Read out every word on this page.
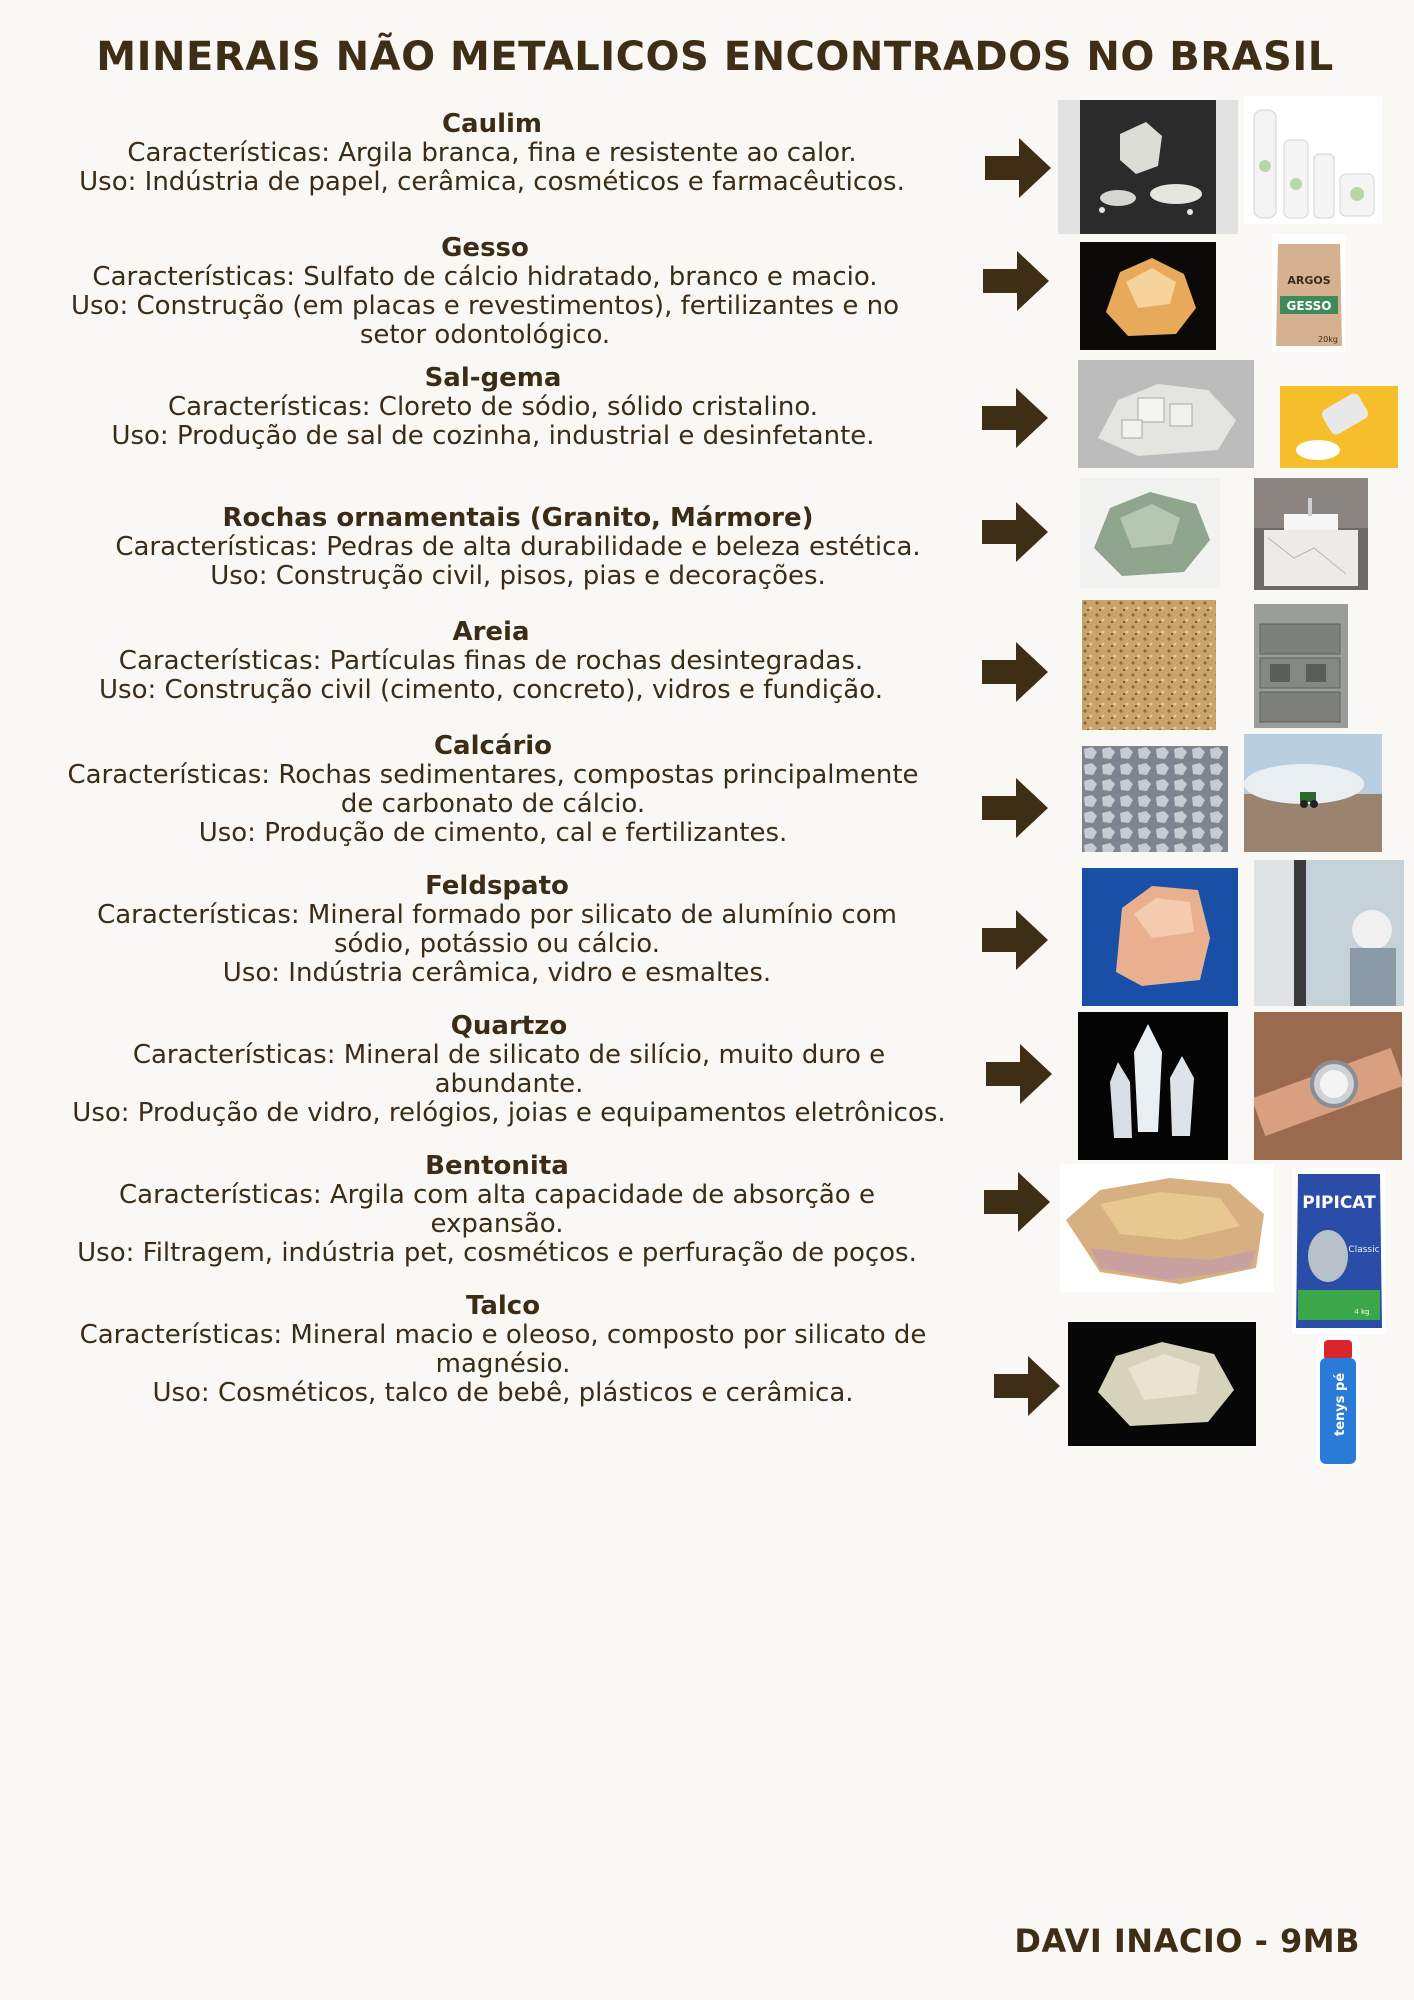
MINERAIS NÃO METALICOS ENCONTRADOS NO BRASIL
Caulim
Características: Argila branca, fina e resistente ao calor.
Uso: Indústria de papel, cerâmica, cosméticos e farmacêuticos.
Gesso
Características: Sulfato de cálcio hidratado, branco e macio.
Uso: Construção (em placas e revestimentos), fertilizantes e no
setor odontológico.
ARGOS
GESSO
20kg
Sal-gema
Características: Cloreto de sódio, sólido cristalino.
Uso: Produção de sal de cozinha, industrial e desinfetante.
Rochas ornamentais (Granito, Mármore)
Características: Pedras de alta durabilidade e beleza estética.
Uso: Construção civil, pisos, pias e decorações.
Areia
Características: Partículas finas de rochas desintegradas.
Uso: Construção civil (cimento, concreto), vidros e fundição.
Calcário
Características: Rochas sedimentares, compostas principalmente
de carbonato de cálcio.
Uso: Produção de cimento, cal e fertilizantes.
Feldspato
Características: Mineral formado por silicato de alumínio com
sódio, potássio ou cálcio.
Uso: Indústria cerâmica, vidro e esmaltes.
Quartzo
Características: Mineral de silicato de silício, muito duro e
abundante.
Uso: Produção de vidro, relógios, joias e equipamentos eletrônicos.
Bentonita
Características: Argila com alta capacidade de absorção e
expansão.
Uso: Filtragem, indústria pet, cosméticos e perfuração de poços.
PIPICAT
Classic
4 kg
Talco
Características: Mineral macio e oleoso, composto por silicato de
magnésio.
Uso: Cosméticos, talco de bebê, plásticos e cerâmica.	tenys pé
DAVI INACIO - 9MB
